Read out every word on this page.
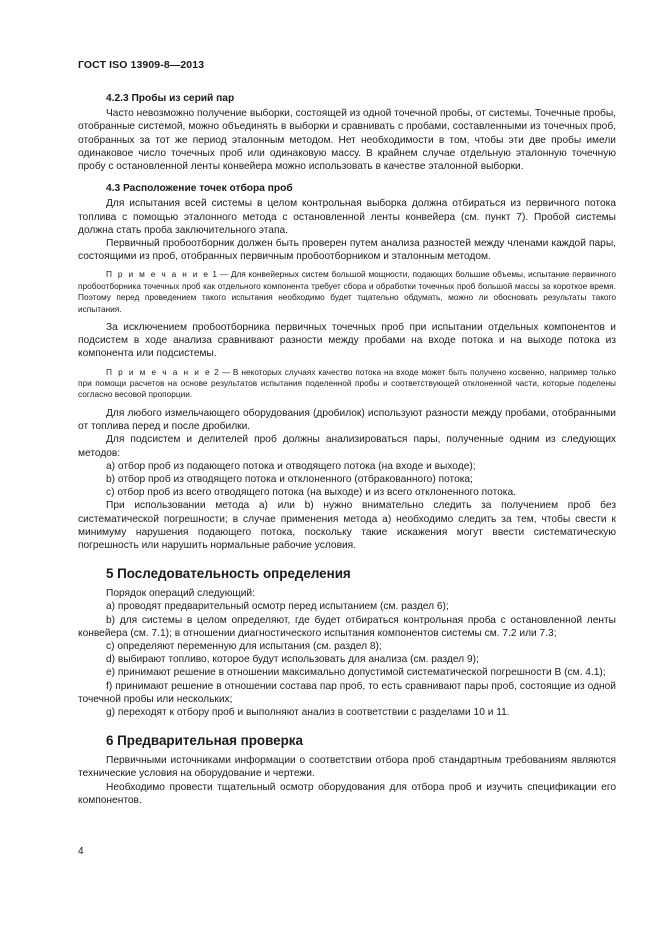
ГОСТ ISO 13909-8—2013

4.2.3 Пробы из серий пар

Часто невозможно получение выборки, состоящей из одной точечной пробы, от системы. Точечные пробы, отобранные системой, можно объединять в выборки и сравнивать с пробами, составленными из точечных проб, отобранных за тот же период эталонным методом. Нет необходимости в том, чтобы эти две пробы имели одинаковое число точечных проб или одинаковую массу. В крайнем случае отдельную эталонную точечную пробу с остановленной ленты конвейера можно использовать в качестве эталонной выборки.

4.3 Расположение точек отбора проб

Для испытания всей системы в целом контрольная выборка должна отбираться из первичного потока топлива с помощью эталонного метода с остановленной ленты конвейера (см. пункт 7). Пробой системы должна стать проба заключительного этапа.

Первичный пробоотборник должен быть проверен путем анализа разностей между членами каждой пары, состоящими из проб, отобранных первичным пробоотборником и эталонным методом.

П р и м е ч а н и е 1 — Для конвейерных систем большой мощности, подающих большие объемы, испытание первичного пробоотборника точечных проб как отдельного компонента требует сбора и обработки точечных проб большой массы за короткое время. Поэтому перед проведением такого испытания необходимо будет тщательно обдумать, можно ли обосновать результаты такого испытания.

За исключением пробоотборника первичных точечных проб при испытании отдельных компонентов и подсистем в ходе анализа сравнивают разности между пробами на входе потока и на выходе потока из компонента или подсистемы.

П р и м е ч а н и е 2 — В некоторых случаях качество потока на входе может быть получено косвенно, например только при помощи расчетов на основе результатов испытания поделенной пробы и соответствующей отклоненной части, которые поделены согласно весовой пропорции.

Для любого измельчающего оборудования (дробилок) используют разности между пробами, отобранными от топлива перед и после дробилки.

Для подсистем и делителей проб должны анализироваться пары, полученные одним из следующих методов:

a) отбор проб из подающего потока и отводящего потока (на входе и выходе);

b) отбор проб из отводящего потока и отклоненного (отбракованного) потока;

c) отбор проб из всего отводящего потока (на выходе) и из всего отклоненного потока.

При использовании метода а) или b) нужно внимательно следить за получением проб без систематической погрешности; в случае применения метода а) необходимо следить за тем, чтобы свести к минимуму нарушения подающего потока, поскольку такие искажения могут ввести систематическую погрешность или нарушить нормальные рабочие условия.

5 Последовательность определения

Порядок операций следующий:

a) проводят предварительный осмотр перед испытанием (см. раздел 6);

b) для системы в целом определяют, где будет отбираться контрольная проба с остановленной ленты конвейера (см. 7.1); в отношении диагностического испытания компонентов системы см. 7.2 или 7.3;

c) определяют переменную для испытания (см. раздел 8);

d) выбирают топливо, которое будут использовать для анализа (см. раздел 9);

e) принимают решение в отношении максимально допустимой систематической погрешности В (см. 4.1);

f) принимают решение в отношении состава пар проб, то есть сравнивают пары проб, состоящие из одной точечной пробы или нескольких;

g) переходят к отбору проб и выполняют анализ в соответствии с разделами 10 и 11.

6 Предварительная проверка

Первичными источниками информации о соответствии отбора проб стандартным требованиям являются технические условия на оборудование и чертежи.

Необходимо провести тщательный осмотр оборудования для отбора проб и изучить спецификации его компонентов.

4
